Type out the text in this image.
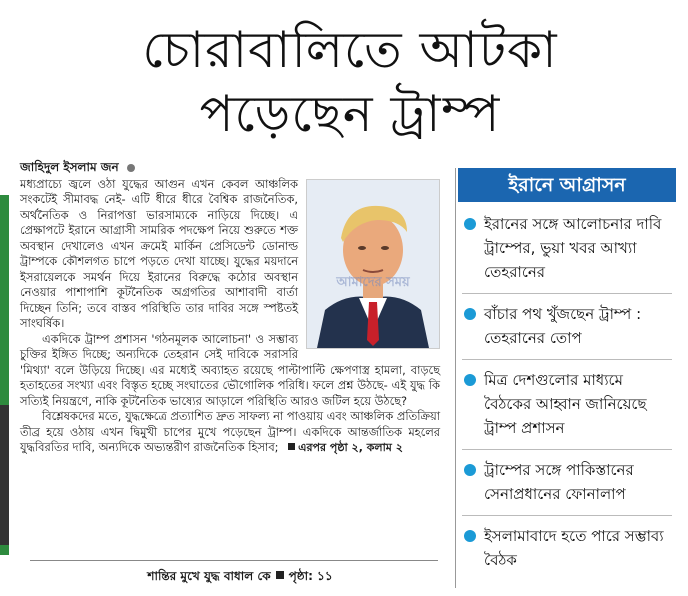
চোরাবালিতে আটকা
পড়েছেন ট্রাম্প
জাহিদুল ইসলাম জন
আমাদের সময়

মধ্যপ্রাচ্যে জ্বলে ওঠা যুদ্ধের আগুন এখন কেবল আঞ্চলিক সংকটেই সীমাবদ্ধ নেই- এটি ধীরে ধীরে বৈশ্বিক রাজনৈতিক, অর্থনৈতিক ও নিরাপত্তা ভারসাম্যকে নাড়িয়ে দিচ্ছে। এ প্রেক্ষাপটে ইরানে আগ্রাসী সামরিক পদক্ষেপ নিয়ে শুরুতে শক্ত অবস্থান দেখালেও এখন ক্রমেই মার্কিন প্রেসিডেন্ট ডোনাল্ড ট্রাম্পকে কৌশলগত চাপে পড়তে দেখা যাচ্ছে। যুদ্ধের ময়দানে ইসরায়েলকে সমর্থন দিয়ে ইরানের বিরুদ্ধে কঠোর অবস্থান নেওয়ার পাশাপাশি কূটনৈতিক অগ্রগতির আশাবাদী বার্তা দিচ্ছেন তিনি; তবে বাস্তব পরিস্থিতি তার দাবির সঙ্গে স্পষ্টতই সাংঘর্ষিক।

একদিকে ট্রাম্প প্রশাসন 'গঠনমূলক আলোচনা' ও সম্ভাব্য চুক্তির ইঙ্গিত দিচ্ছে; অন্যদিকে তেহরান সেই দাবিকে সরাসরি 'মিথ্যা' বলে উড়িয়ে দিচ্ছে। এর মধ্যেই অব্যাহত রয়েছে পাল্টাপাল্টি ক্ষেপণাস্ত্র হামলা, বাড়ছে হতাহতের সংখ্যা এবং বিস্তৃত হচ্ছে সংঘাতের ভৌগোলিক পরিধি। ফলে প্রশ্ন উঠছে- এই যুদ্ধ কি সত্যিই নিয়ন্ত্রণে, নাকি কূটনৈতিক ভাষ্যের আড়ালে পরিস্থিতি আরও জটিল হয়ে উঠছে?

বিশ্লেষকদের মতে, যুদ্ধক্ষেত্রে প্রত্যাশিত দ্রুত সাফল্য না পাওয়ায় এবং আঞ্চলিক প্রতিক্রিয়া তীব্র হয়ে ওঠায় এখন দ্বিমুখী চাপের মুখে পড়েছেন ট্রাম্প। একদিকে আন্তর্জাতিক মহলের যুদ্ধবিরতির দাবি, অন্যদিকে অভ্যন্তরীণ রাজনৈতিক হিসাব; এরপর পৃষ্ঠা ২, কলাম ২

শান্তির মুখে যুদ্ধ বাধাল কে পৃষ্ঠা: ১১
ইরানে আগ্রাসন
ইরানের সঙ্গে আলোচনার দাবি ট্রাম্পের, ভুয়া খবর আখ্যা তেহরানের
বাঁচার পথ খুঁজছেন ট্রাম্প : তেহরানের তোপ
মিত্র দেশগুলোর মাধ্যমে বৈঠকের আহ্বান জানিয়েছে ট্রাম্প প্রশাসন
ট্রাম্পের সঙ্গে পাকিস্তানের সেনাপ্রধানের ফোনালাপ
ইসলামাবাদে হতে পারে সম্ভাব্য বৈঠক
